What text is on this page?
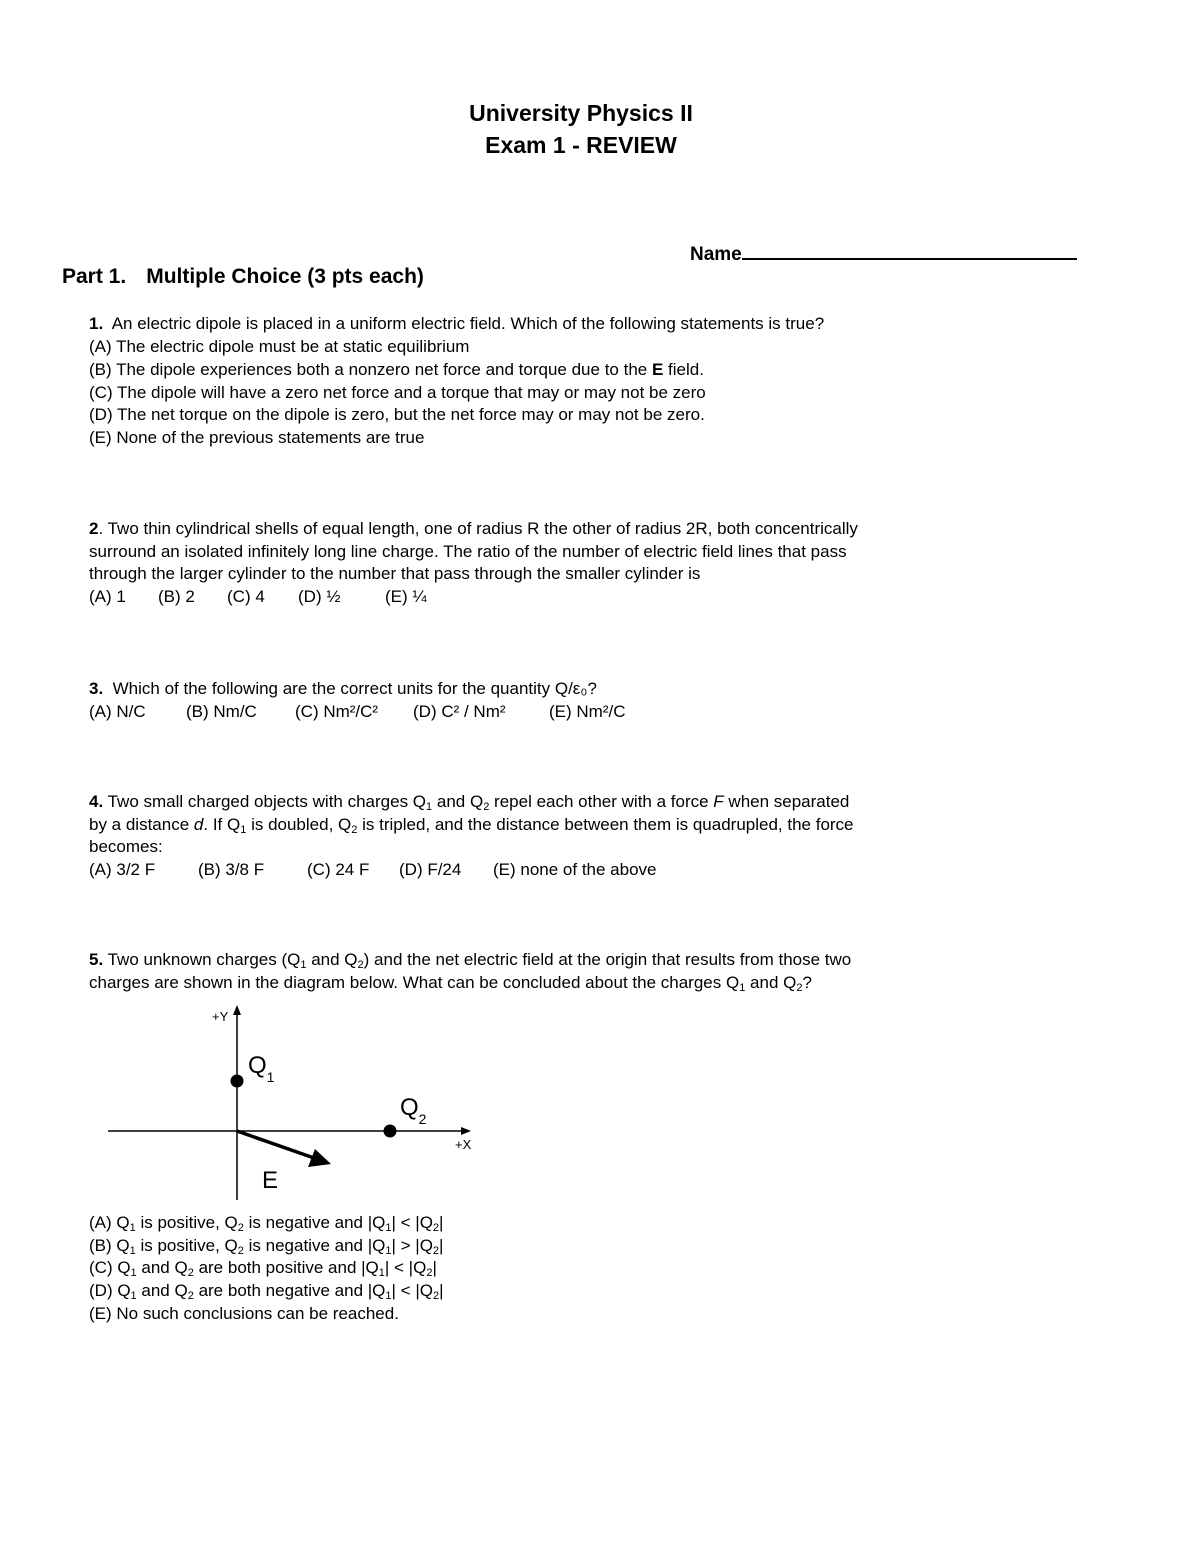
University Physics II
Exam 1 - REVIEW
Name
Part 1. Multiple Choice (3 pts each)
1. An electric dipole is placed in a uniform electric field. Which of the following statements is true?
(A) The electric dipole must be at static equilibrium
(B) The dipole experiences both a nonzero net force and torque due to the E field.
(C) The dipole will have a zero net force and a torque that may or may not be zero
(D) The net torque on the dipole is zero, but the net force may or may not be zero.
(E) None of the previous statements are true
2. Two thin cylindrical shells of equal length, one of radius R the other of radius 2R, both concentrically
surround an isolated infinitely long line charge. The ratio of the number of electric field lines that pass
through the larger cylinder to the number that pass through the smaller cylinder is
(A) 1 (B) 2 (C) 4 (D) ½	(E) ¼
3. Which of the following are the correct units for the quantity Q/ε₀?
(A) N/C (B) Nm/C (C) Nm²/C² (D) C² / Nm²	(E) Nm²/C
4. Two small charged objects with charges $Q_1$ and $Q_2$ repel each other with a force F when separated
by a distance d. If $Q_1$ is doubled, $Q_2$ is tripled, and the distance between them is quadrupled, the force
becomes:
(A) 3/2 F	(B) 3/8 F	(C) 24 F (D) F/24 (E) none of the above
5. Two unknown charges ($Q_1$ and $Q_2$) and the net electric field at the origin that results from those two
charges are shown in the diagram below. What can be concluded about the charges $Q_1$ and $Q_2$?
+Y
+X
$Q_1$
$Q_2$
E
(A) $Q_1$ is positive, $Q_2$ is negative and $|Q_1| < |Q_2|$
(B) $Q_1$ is positive, $Q_2$ is negative and $|Q_1| > |Q_2|$
(C) $Q_1$ and $Q_2$ are both positive and $|Q_1| < |Q_2|$
(D) $Q_1$ and $Q_2$ are both negative and $|Q_1| < |Q_2|$
(E) No such conclusions can be reached.
